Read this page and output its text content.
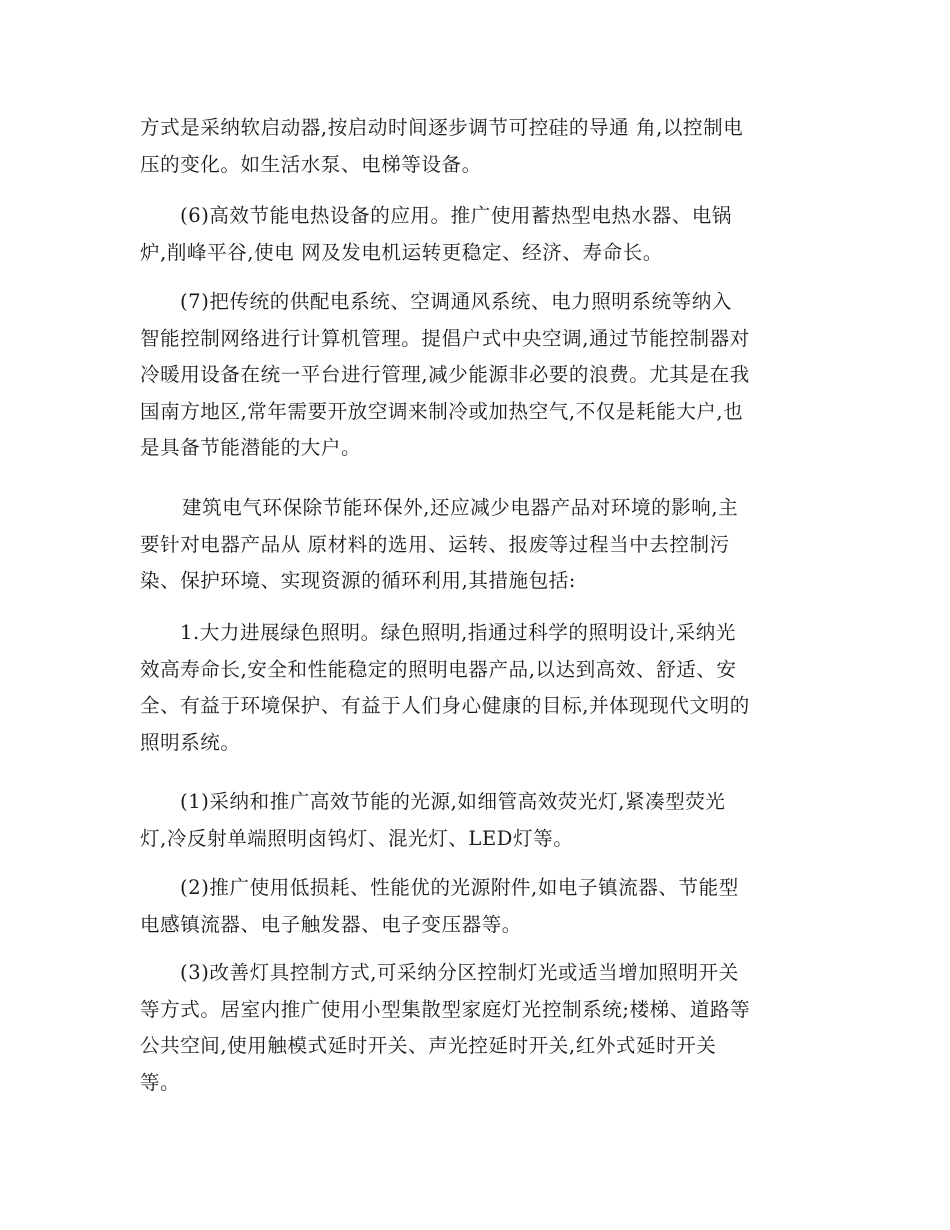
方式是采纳软启动器,按启动时间逐步调节可控硅的导通 角,以控制电
压的变化。如生活水泵、电梯等设备。
(6)高效节能电热设备的应用。推广使用蓄热型电热水器、电锅
炉,削峰平谷,使电 网及发电机运转更稳定、经济、寿命长。
(7)把传统的供配电系统、空调通风系统、电力照明系统等纳入
智能控制网络进行计算机管理。提倡户式中央空调,通过节能控制器对
冷暖用设备在统一平台进行管理,减少能源非必要的浪费。尤其是在我
国南方地区,常年需要开放空调来制冷或加热空气,不仅是耗能大户,也
是具备节能潜能的大户。
建筑电气环保除节能环保外,还应减少电器产品对环境的影响,主
要针对电器产品从 原材料的选用、运转、报废等过程当中去控制污
染、保护环境、实现资源的循环利用,其措施包括:
1.大力进展绿色照明。绿色照明,指通过科学的照明设计,采纳光
效高寿命长,安全和性能稳定的照明电器产品,以达到高效、舒适、安
全、有益于环境保护、有益于人们身心健康的目标,并体现现代文明的
照明系统。
(1)采纳和推广高效节能的光源,如细管高效荧光灯,紧凑型荧光
灯,冷反射单端照明卤钨灯、混光灯、LED灯等。
(2)推广使用低损耗、性能优的光源附件,如电子镇流器、节能型
电感镇流器、电子触发器、电子变压器等。
(3)改善灯具控制方式,可采纳分区控制灯光或适当增加照明开关
等方式。居室内推广使用小型集散型家庭灯光控制系统;楼梯、道路等
公共空间,使用触模式延时开关、声光控延时开关,红外式延时开关
等。
